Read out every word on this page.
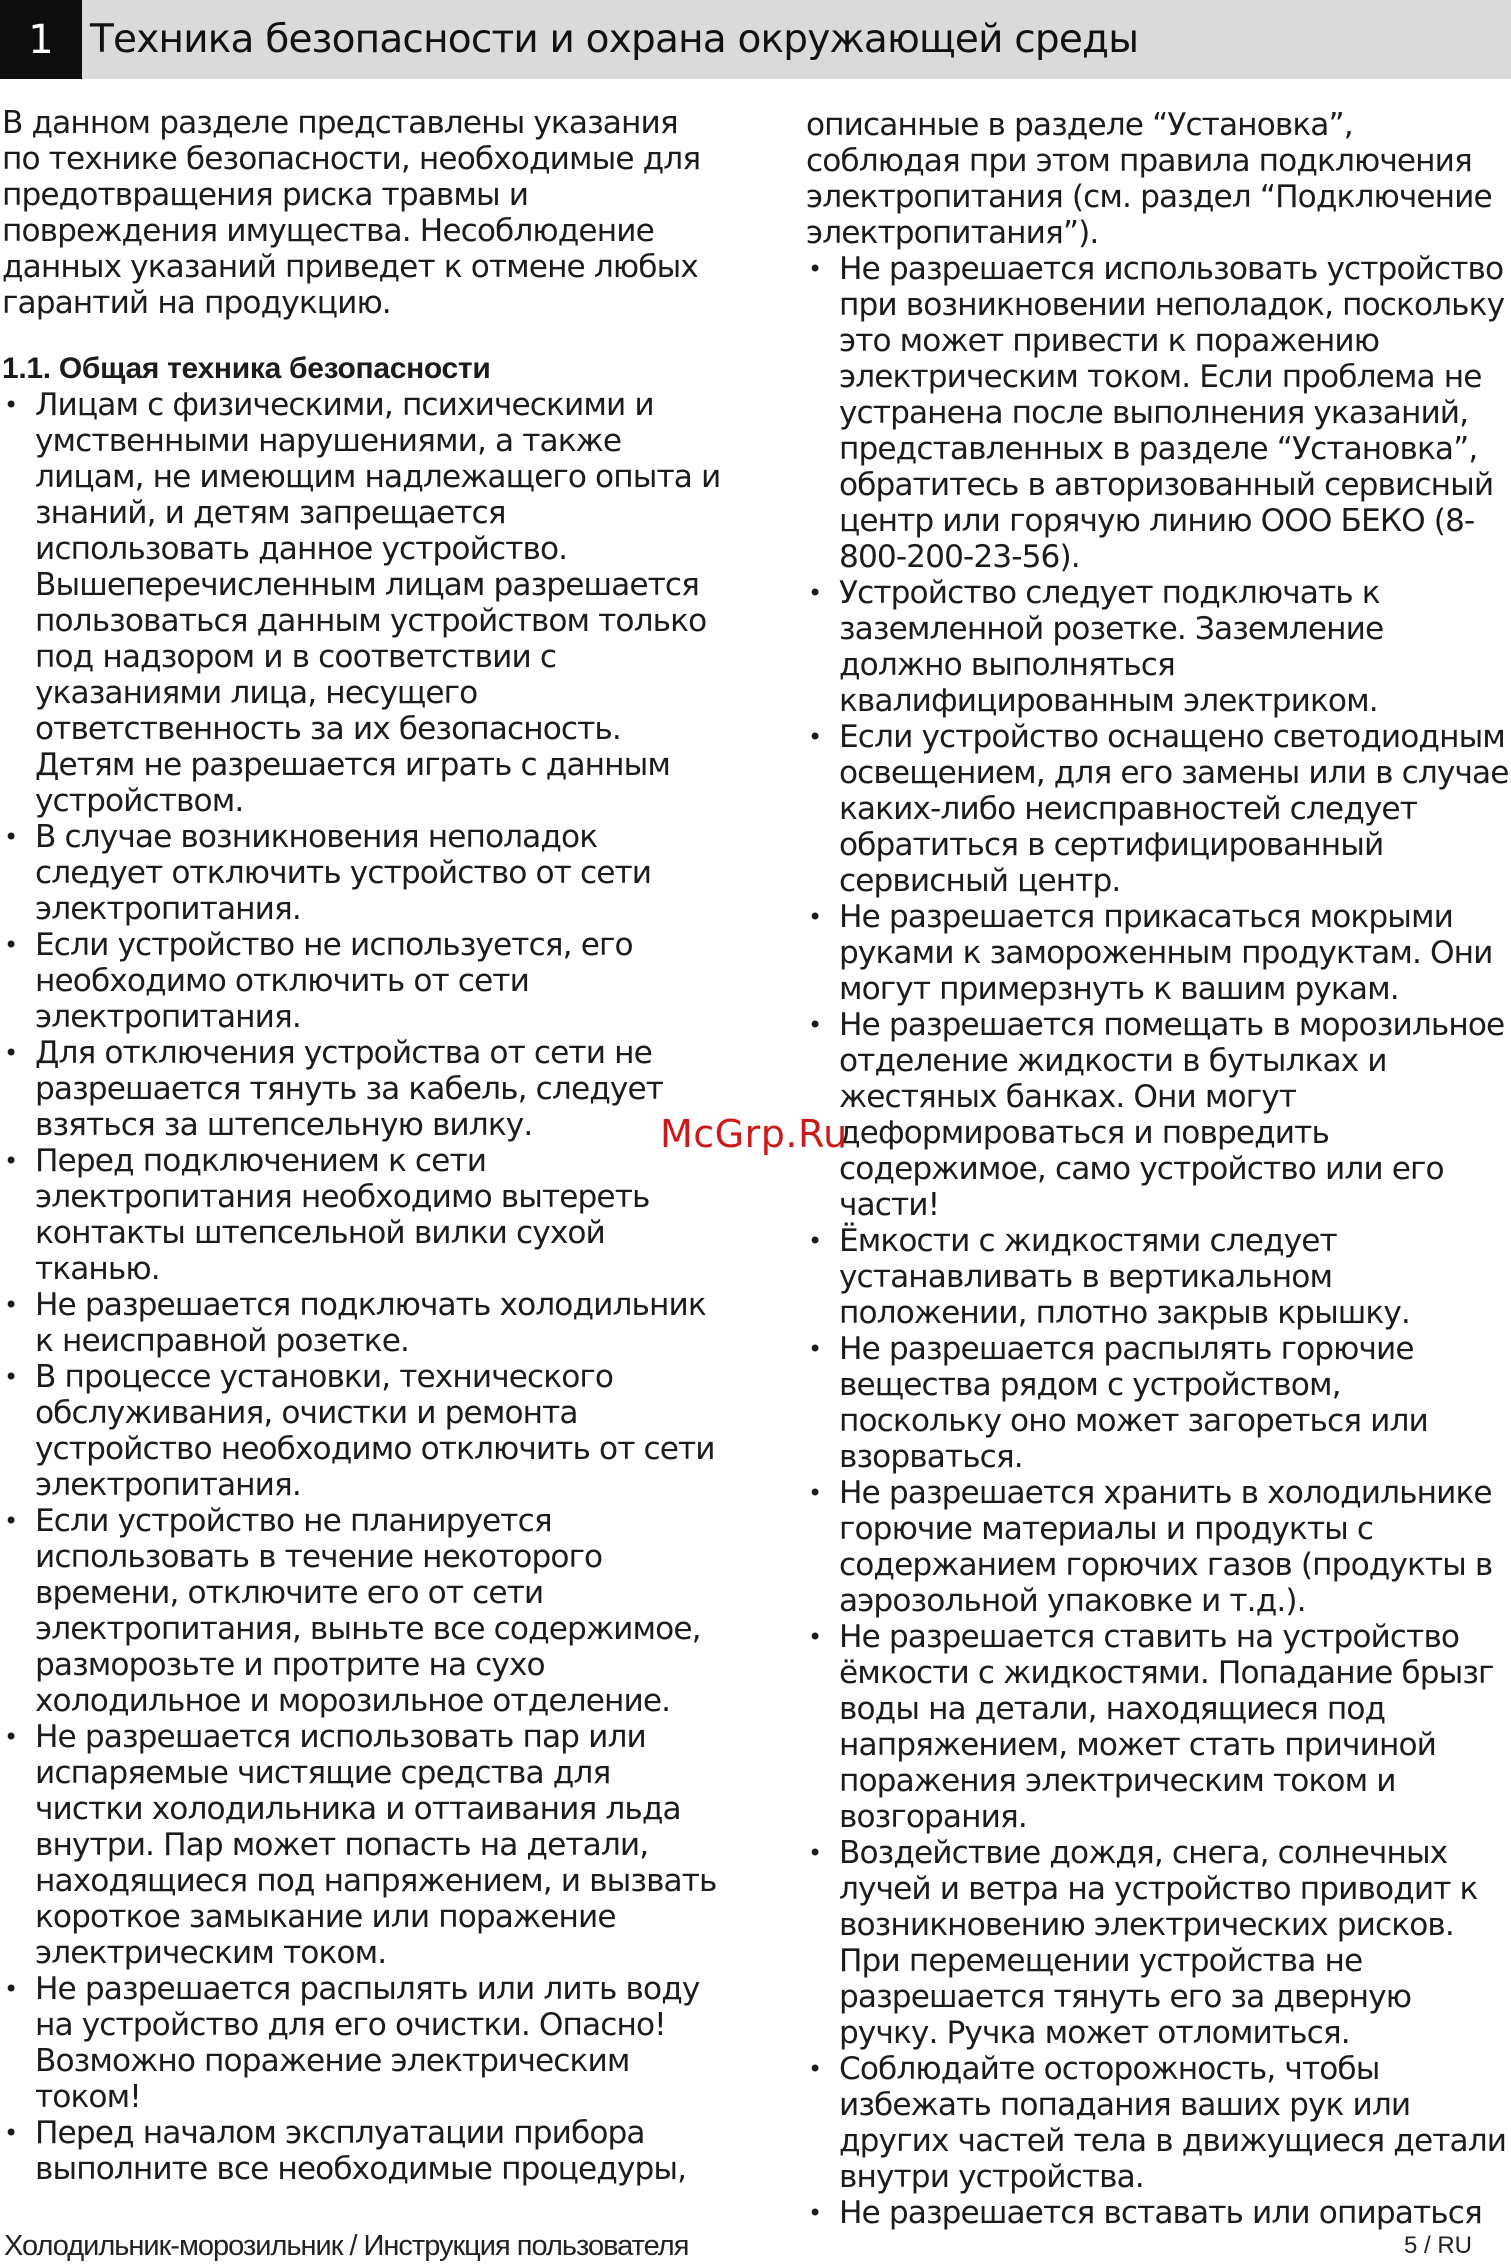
1 Техника безопасности и охрана окружающей среды

В данном разделе представлены указания по технике безопасности, необходимые для предотвращения риска травмы и повреждения имущества. Несоблюдение данных указаний приведет к отмене любых гарантий на продукцию.

1.1. Общая техника безопасности
• Лицам с физическими, психическими и умственными нарушениями, а также лицам, не имеющим надлежащего опыта и знаний, и детям запрещается использовать данное устройство. Вышеперечисленным лицам разрешается пользоваться данным устройством только под надзором и в соответствии с указаниями лица, несущего ответственность за их безопасность. Детям не разрешается играть с данным устройством.
• В случае возникновения неполадок следует отключить устройство от сети электропитания.
• Если устройство не используется, его необходимо отключить от сети электропитания.
• Для отключения устройства от сети не разрешается тянуть за кабель, следует взяться за штепсельную вилку.
• Перед подключением к сети электропитания необходимо вытереть контакты штепсельной вилки сухой тканью.
• Не разрешается подключать холодильник к неисправной розетке.
• В процессе установки, технического обслуживания, очистки и ремонта устройство необходимо отключить от сети электропитания.
• Если устройство не планируется использовать в течение некоторого времени, отключите его от сети электропитания, выньте все содержимое, разморозьте и протрите на сухо холодильное и морозильное отделение.
• Не разрешается использовать пар или испаряемые чистящие средства для чистки холодильника и оттаивания льда внутри. Пар может попасть на детали, находящиеся под напряжением, и вызвать короткое замыкание или поражение электрическим током.
• Не разрешается распылять или лить воду на устройство для его очистки. Опасно! Возможно поражение электрическим током!
• Перед началом эксплуатации прибора выполните все необходимые процедуры,
описанные в разделе “Установка”, соблюдая при этом правила подключения электропитания (см. раздел “Подключение электропитания”).
• Не разрешается использовать устройство при возникновении неполадок, поскольку это может привести к поражению электрическим током. Если проблема не устранена после выполнения указаний, представленных в разделе “Установка”, обратитесь в авторизованный сервисный центр или горячую линию ООО БЕКО (8-800-200-23-56).
• Устройство следует подключать к заземленной розетке. Заземление должно выполняться квалифицированным электриком.
• Если устройство оснащено светодиодным освещением, для его замены или в случае каких-либо неисправностей следует обратиться в сертифицированный сервисный центр.
• Не разрешается прикасаться мокрыми руками к замороженным продуктам. Они могут примерзнуть к вашим рукам.
• Не разрешается помещать в морозильное отделение жидкости в бутылках и жестяных банках. Они могут деформироваться и повредить содержимое, само устройство или его части!
• Ёмкости с жидкостями следует устанавливать в вертикальном положении, плотно закрыв крышку.
• Не разрешается распылять горючие вещества рядом с устройством, поскольку оно может загореться или взорваться.
• Не разрешается хранить в холодильнике горючие материалы и продукты с содержанием горючих газов (продукты в аэрозольной упаковке и т.д.).
• Не разрешается ставить на устройство ёмкости с жидкостями. Попадание брызг воды на детали, находящиеся под напряжением, может стать причиной поражения электрическим током и возгорания.
• Воздействие дождя, снега, солнечных лучей и ветра на устройство приводит к возникновению электрических рисков. При перемещении устройства не разрешается тянуть его за дверную ручку. Ручка может отломиться.
• Соблюдайте осторожность, чтобы избежать попадания ваших рук или других частей тела в движущиеся детали внутри устройства.
• Не разрешается вставать или опираться
McGrp.Ru
Холодильник-морозильник / Инструкция пользователя	5 / RU
